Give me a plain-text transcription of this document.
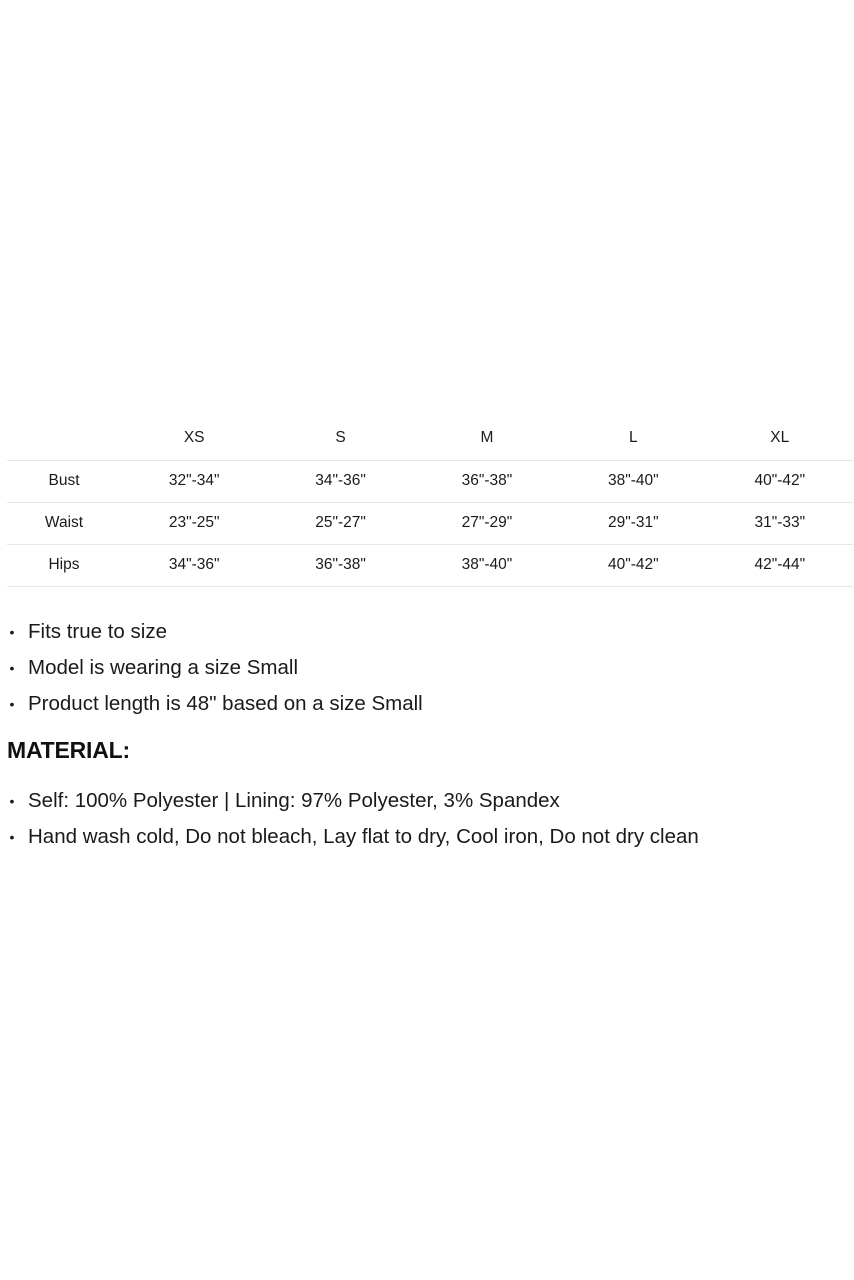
	XS	S	M	L	XL
Bust	32"-34"	34"-36"	36"-38"	38"-40"	40"-42"
Waist	23"-25"	25"-27"	27"-29"	29"-31"	31"-33"
Hips	34"-36"	36"-38"	38"-40"	40"-42"	42"-44"
• Fits true to size
• Model is wearing a size Small
• Product length is 48" based on a size Small
MATERIAL:
• Self: 100% Polyester | Lining: 97% Polyester, 3% Spandex
• Hand wash cold, Do not bleach, Lay flat to dry, Cool iron, Do not dry clean
